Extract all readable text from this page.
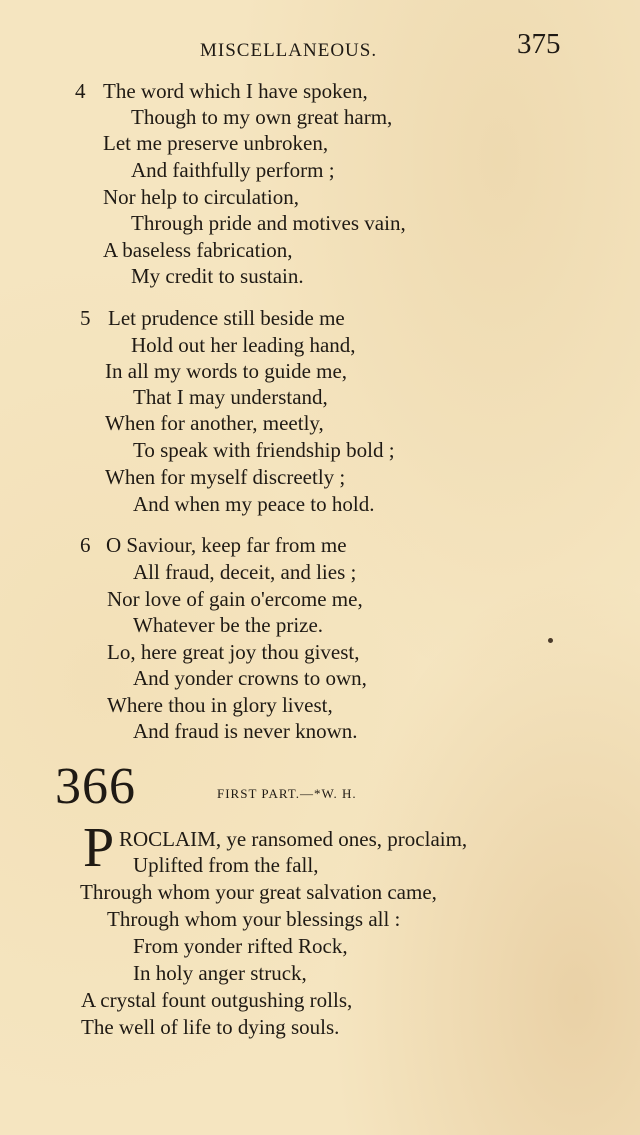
MISCELLANEOUS.	375
4 The word which I have spoken,
Though to my own great harm,
Let me preserve unbroken,
And faithfully perform ;
Nor help to circulation,
Through pride and motives vain,
A baseless fabrication,
My credit to sustain.
5 Let prudence still beside me
Hold out her leading hand,
In all my words to guide me,
That I may understand,
When for another, meetly,
To speak with friendship bold ;
When for myself discreetly ;
And when my peace to hold.
6 O Saviour, keep far from me
All fraud, deceit, and lies ;
Nor love of gain o'ercome me,
Whatever be the prize.
Lo, here great joy thou givest,
And yonder crowns to own,
Where thou in glory livest,
And fraud is never known.
366	FIRST PART.—*W. H.
P ROCLAIM, ye ransomed ones, proclaim,
Uplifted from the fall,
Through whom your great salvation came,
Through whom your blessings all :
From yonder rifted Rock,
In holy anger struck,
A crystal fount outgushing rolls,
The well of life to dying souls.
